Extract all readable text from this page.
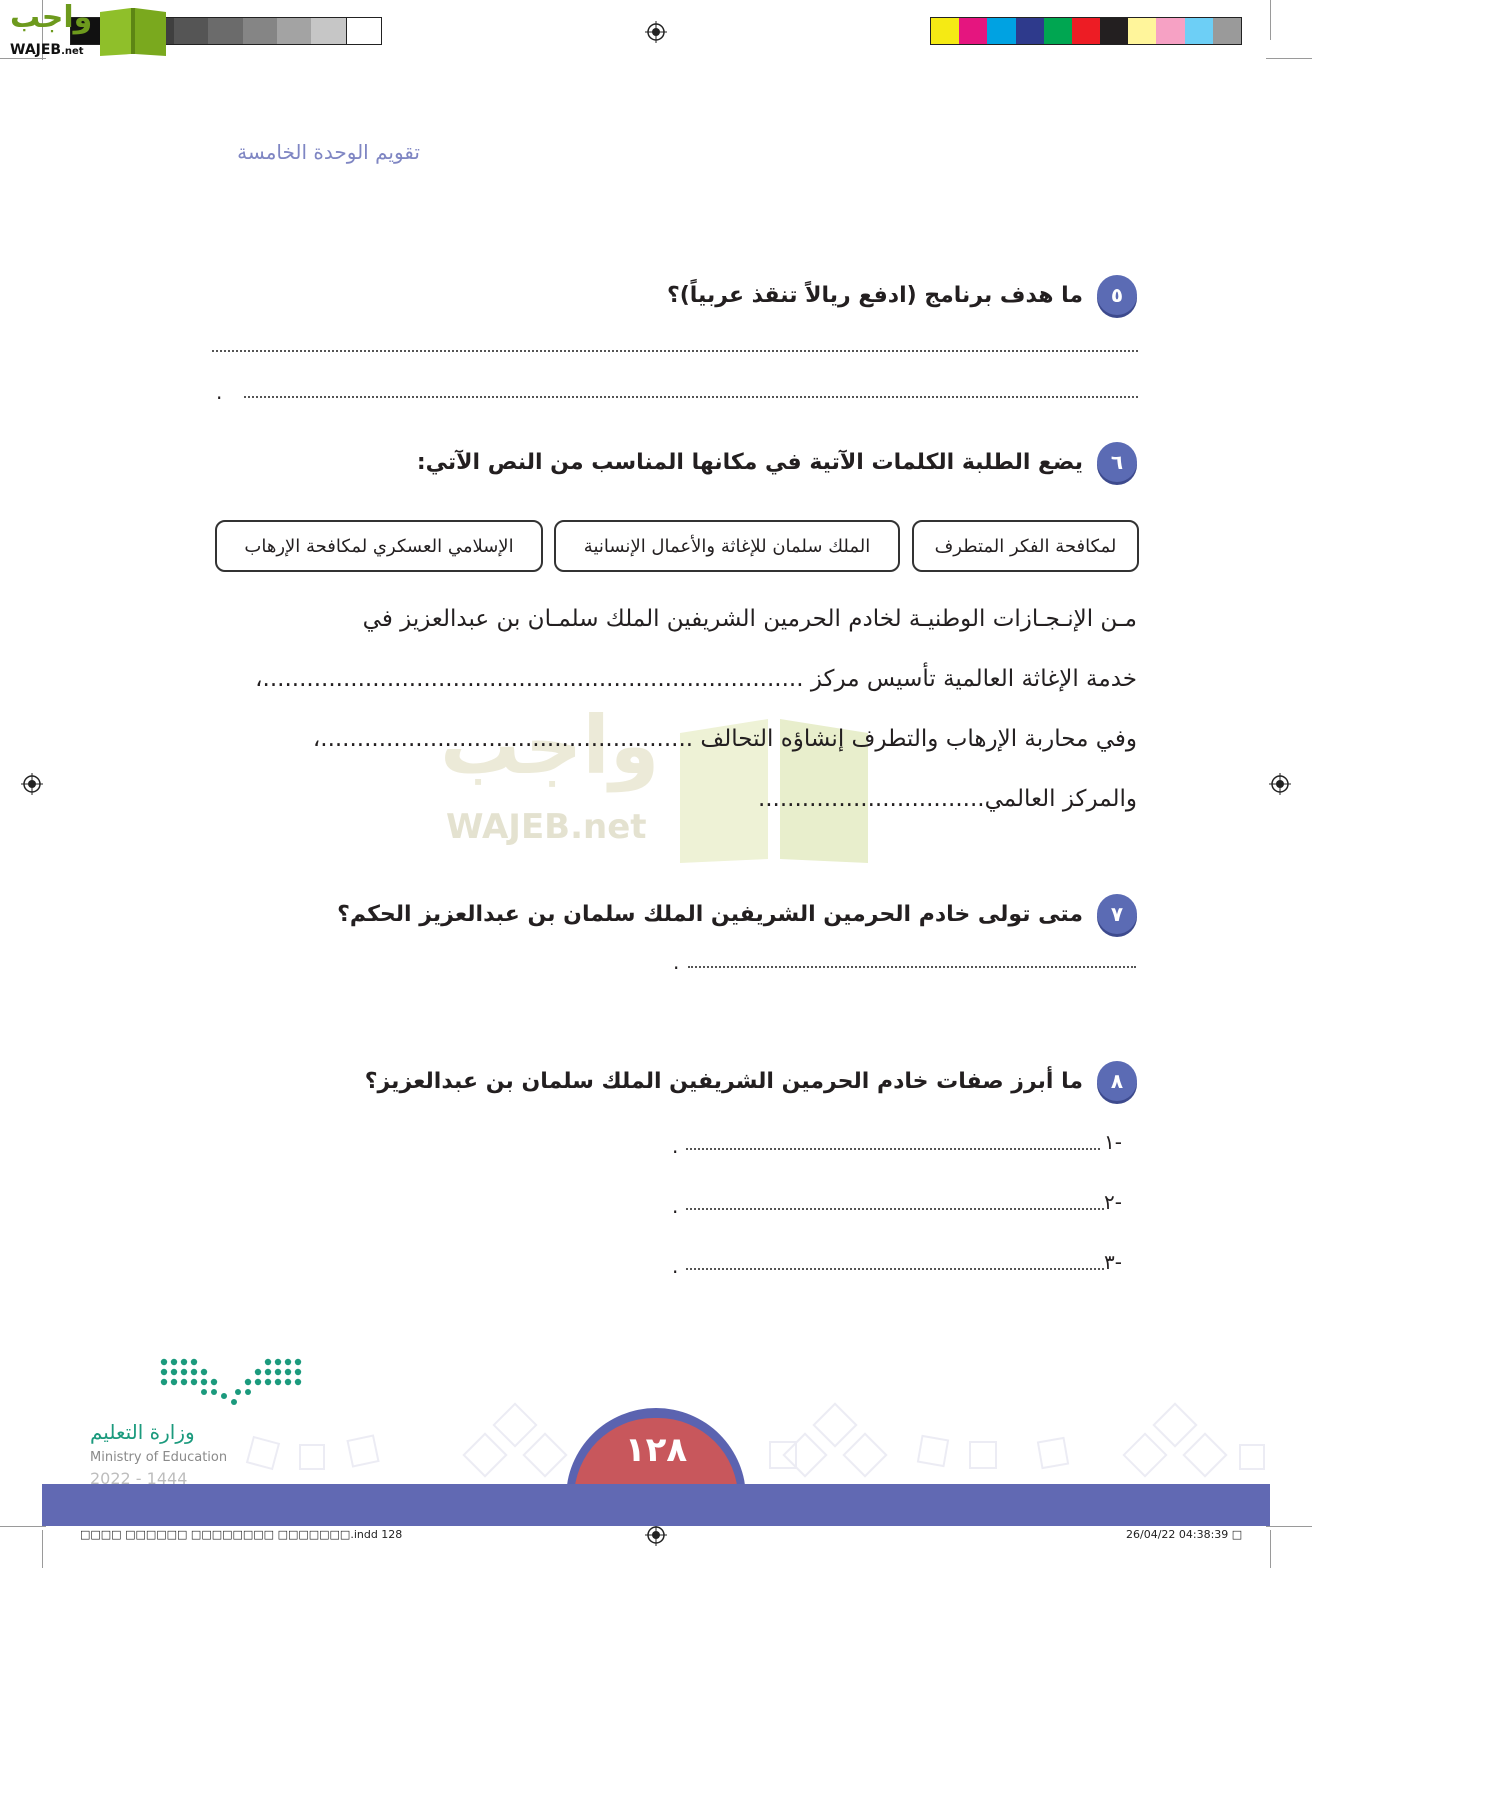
واجب
WAJEB.net
تقويم الوحدة الخامسة
٥
ما هدف برنامج (ادفع ريالاً تنقذ عربياً)؟
.
٦
يضع الطلبة الكلمات الآتية في مكانها المناسب من النص الآتي:
لمكافحة الفكر المتطرف
الملك سلمان للإغاثة والأعمال الإنسانية
الإسلامي العسكري لمكافحة الإرهاب
واجب
WAJEB.net
مـن الإنـجـازات الوطنيـة لخادم الحرمين الشريفين الملك سلمـان بن عبدالعزيز في
خدمة الإغاثة العالمية تأسيس مركز ..........................................................................،
وفي محاربة الإرهاب والتطرف إنشاؤه التحالف ...................................................،
والمركز العالمي...............................
٧
متى تولى خادم الحرمين الشريفين الملك سلمان بن عبدالعزيز الحكم؟
.
٨
ما أبرز صفات خادم الحرمين الشريفين الملك سلمان بن عبدالعزيز؟
١-
.
٢-
.
٣-
.
١٢٨
وزارة التعليم
Ministry of Education
2022 - 1444
□□□□ □□□□□□ □□□□□□□□ □□□□□□□.indd 128	26/04/22 04:38:39 □
